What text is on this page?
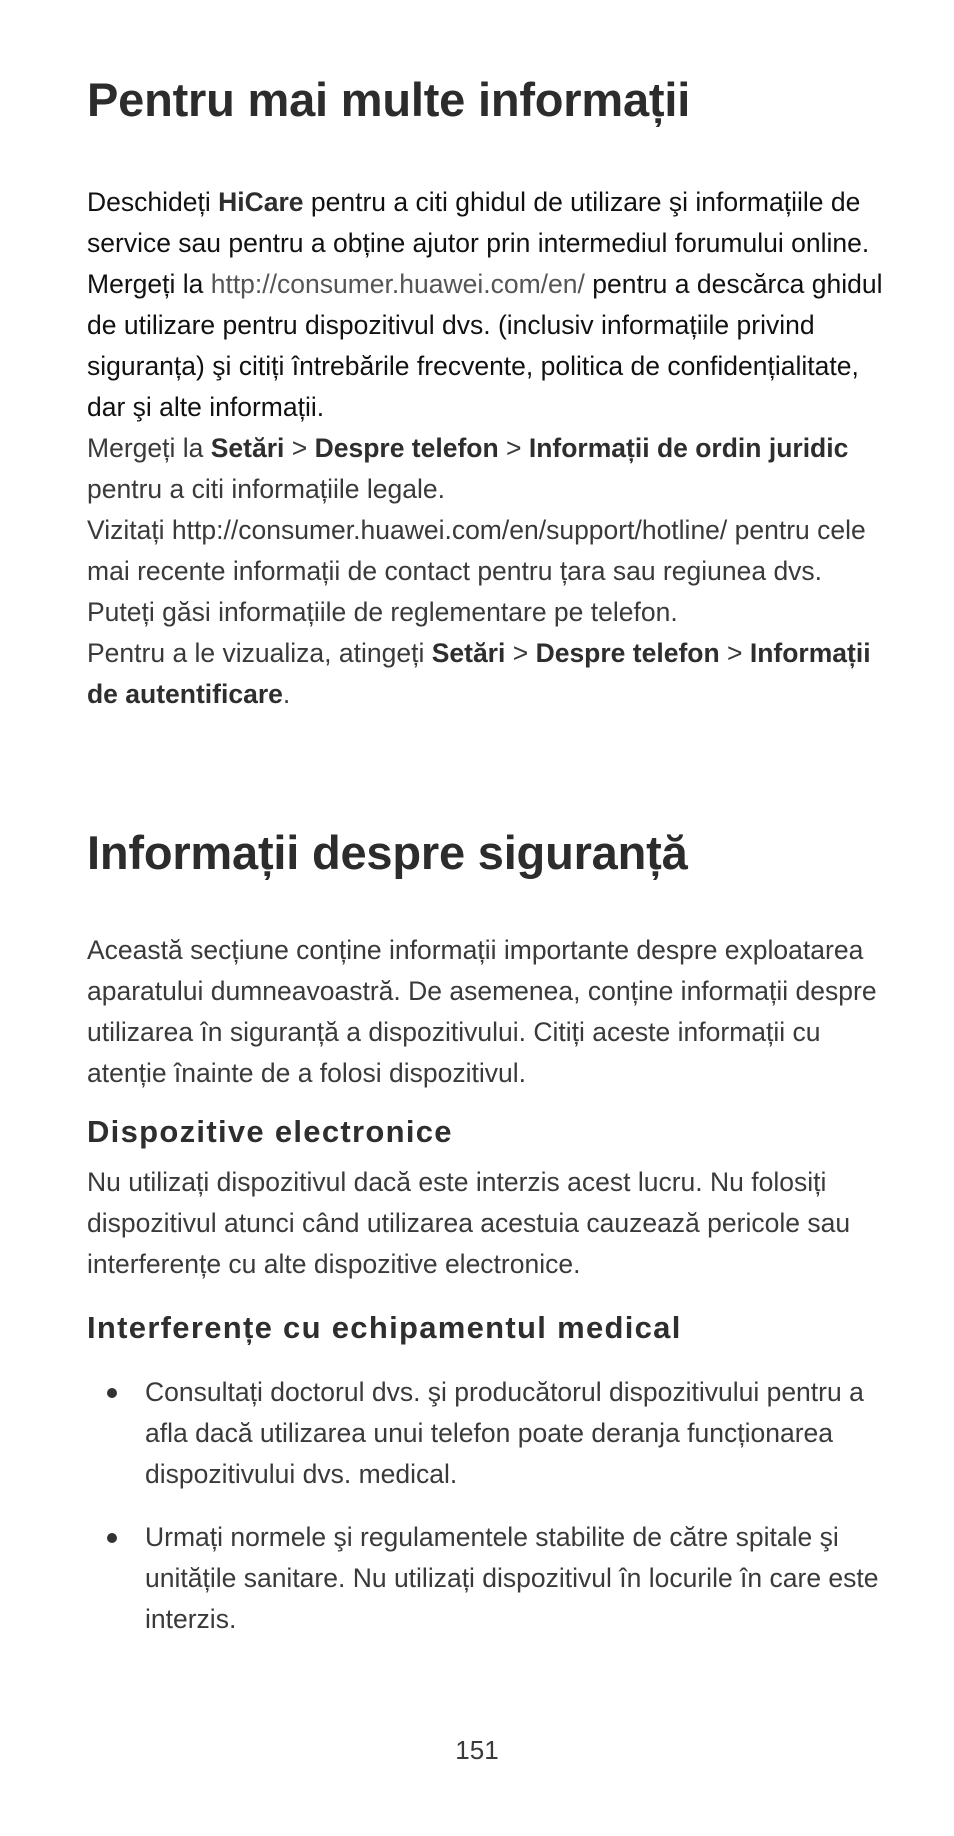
Pentru mai multe informații

Deschideți HiCare pentru a citi ghidul de utilizare şi informațiile de service sau pentru a obține ajutor prin intermediul forumului online.

Mergeți la http://consumer.huawei.com/en/ pentru a descărca ghidul de utilizare pentru dispozitivul dvs. (inclusiv informațiile privind siguranța) şi citiți întrebările frecvente, politica de confidențialitate, dar şi alte informații.

Mergeți la Setări > Despre telefon > Informații de ordin juridic pentru a citi informațiile legale.

Vizitați http://consumer.huawei.com/en/support/hotline/ pentru cele mai recente informații de contact pentru țara sau regiunea dvs.

Puteți găsi informațiile de reglementare pe telefon.

Pentru a le vizualiza, atingeți Setări > Despre telefon > Informații de autentificare.

Informații despre siguranță

Această secțiune conține informații importante despre exploatarea aparatului dumneavoastră. De asemenea, conține informații despre utilizarea în siguranță a dispozitivului. Citiți aceste informații cu atenție înainte de a folosi dispozitivul.

Dispozitive electronice

Nu utilizați dispozitivul dacă este interzis acest lucru. Nu folosiți dispozitivul atunci când utilizarea acestuia cauzează pericole sau interferențe cu alte dispozitive electronice.

Interferențe cu echipamentul medical
Consultați doctorul dvs. şi producătorul dispozitivului pentru a afla dacă utilizarea unui telefon poate deranja funcționarea dispozitivului dvs. medical.
Urmați normele şi regulamentele stabilite de către spitale şi unitățile sanitare. Nu utilizați dispozitivul în locurile în care este interzis.
151
